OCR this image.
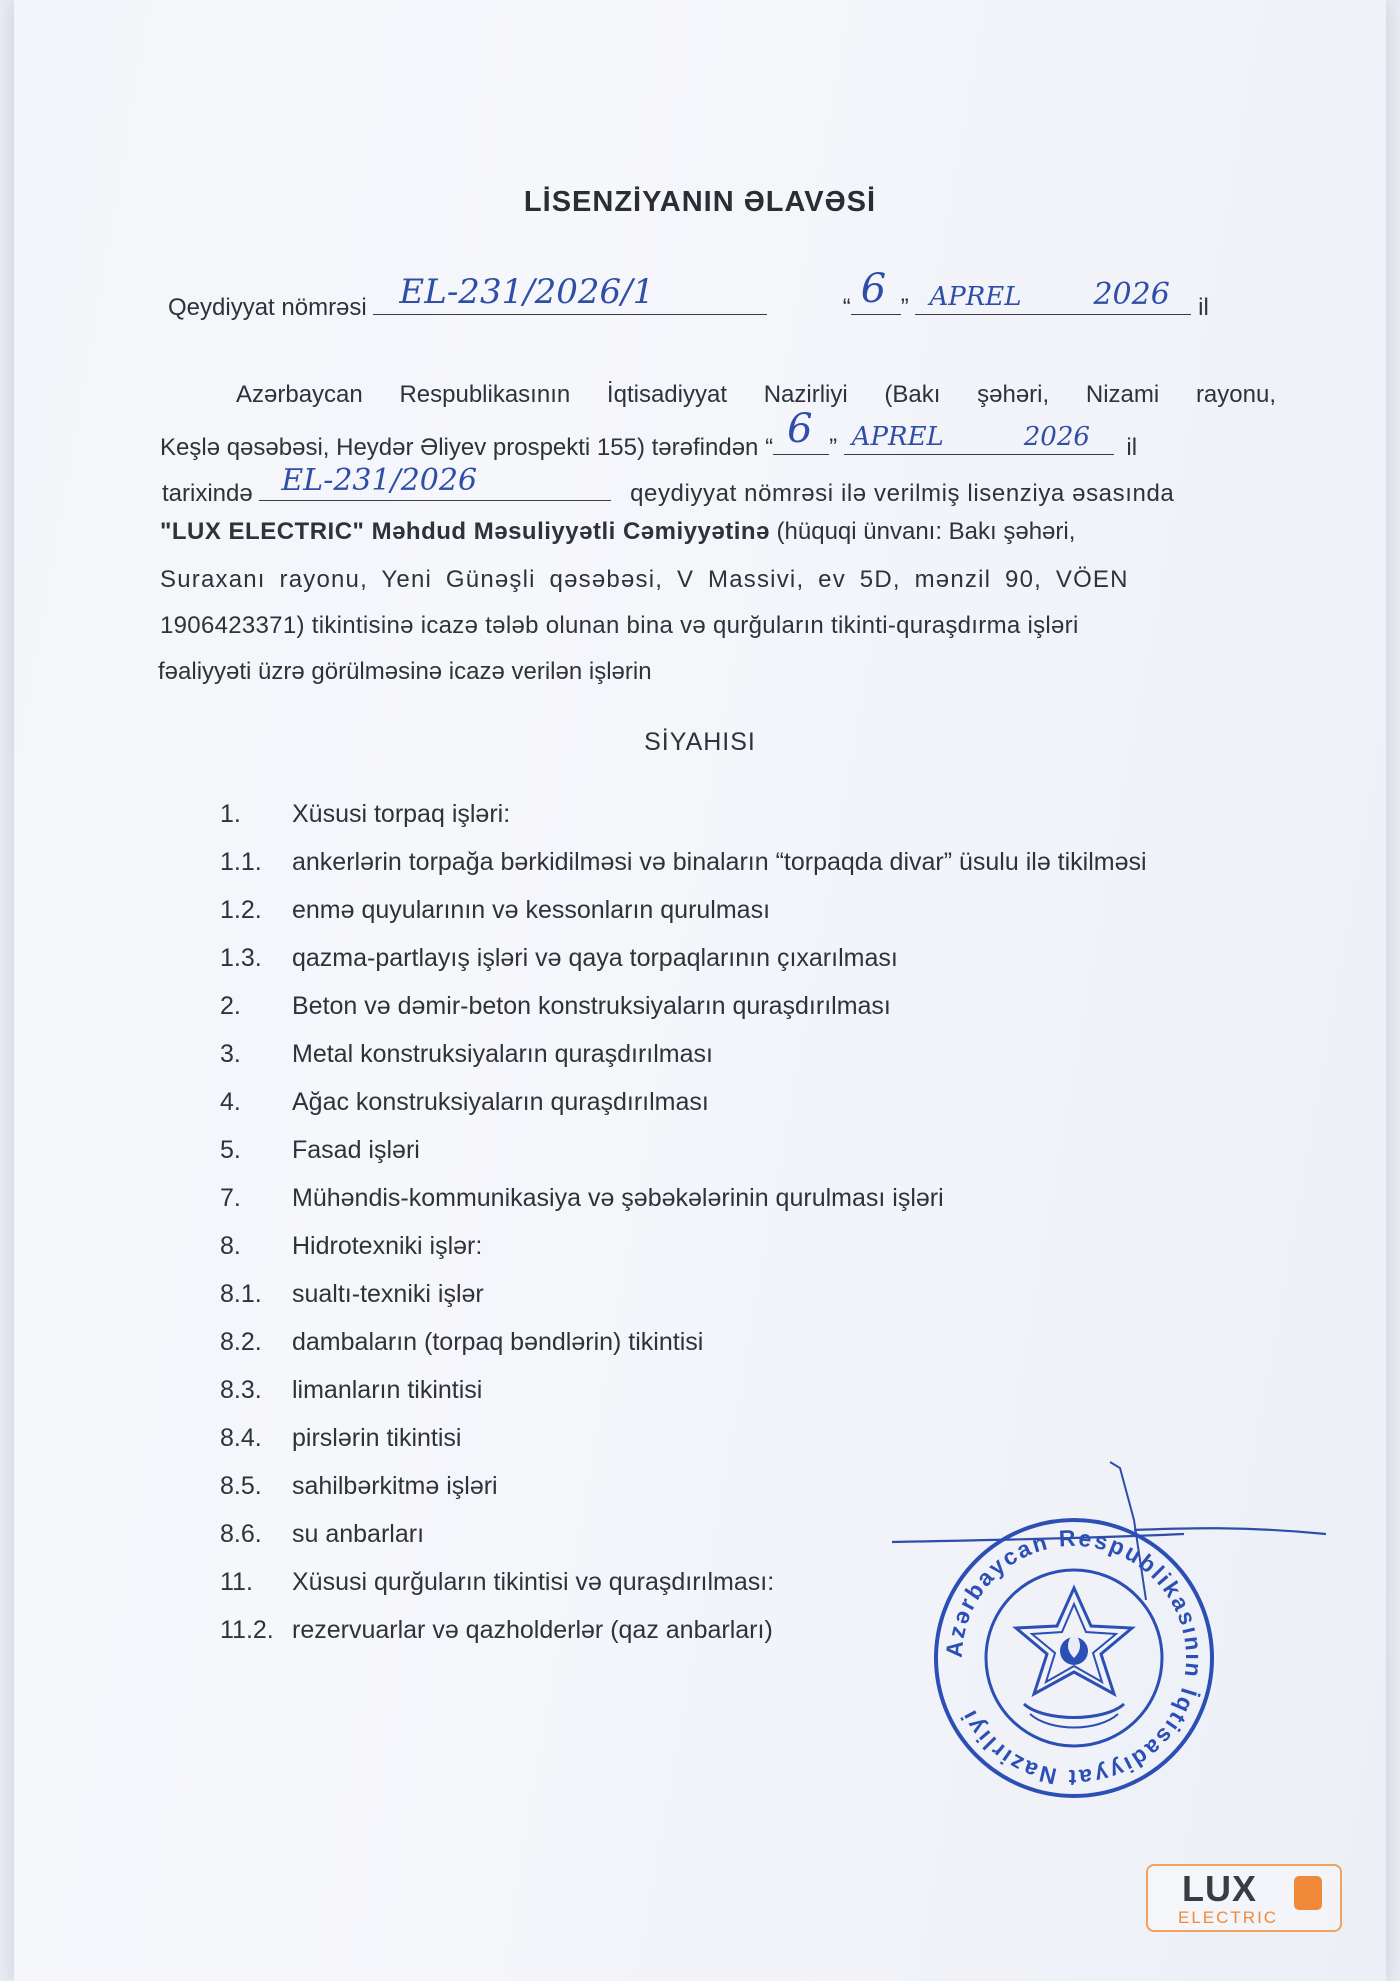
LİSENZİYANIN ƏLAVƏSİ
Qeydiyyat nömrəsi EL-231/2026/1	“ 6 ” APREL 2026 il
Azərbaycan Respublikasının İqtisadiyyat Nazirliyi (Bakı şəhəri, Nizami rayonu,
Keşlə qəsəbəsi, Heydər Əliyev prospekti 155) tərəfindən “ 6 ” APREL	2026 il
tarixində EL-231/2026	qeydiyyat nömrəsi ilə verilmiş lisenziya əsasında
"LUX ELECTRIC" Məhdud Məsuliyyətli Cəmiyyətinə (hüquqi ünvanı: Bakı şəhəri,
Suraxanı rayonu, Yeni Günəşli qəsəbəsi, V Massivi, ev 5D, mənzil 90, VÖEN
1906423371) tikintisinə icazə tələb olunan bina və qurğuların tikinti-quraşdırma işləri
fəaliyyəti üzrə görülməsinə icazə verilən işlərin
SİYAHISI
1. Xüsusi torpaq işləri:
1.1. ankerlərin torpağa bərkidilməsi və binaların “torpaqda divar” üsulu ilə tikilməsi
1.2. enmə quyularının və kessonların qurulması
1.3. qazma-partlayış işləri və qaya torpaqlarının çıxarılması
2. Beton və dəmir-beton konstruksiyaların quraşdırılması
3. Metal konstruksiyaların quraşdırılması
4. Ağac konstruksiyaların quraşdırılması
5. Fasad işləri
7. Mühəndis-kommunikasiya və şəbəkələrinin qurulması işləri
8. Hidrotexniki işlər:
8.1. sualtı-texniki işlər
8.2. dambaların (torpaq bəndlərin) tikintisi
8.3. limanların tikintisi
8.4. pirslərin tikintisi
8.5. sahilbərkitmə işləri
8.6. su anbarları
11. Xüsusi qurğuların tikintisi və quraşdırılması:
11.2. rezervuarlar və qazholderlər (qaz anbarları)
Azərbaycan Respublikasının İqtisadiyyat Nazirliyi
LUX
ELECTRIC
